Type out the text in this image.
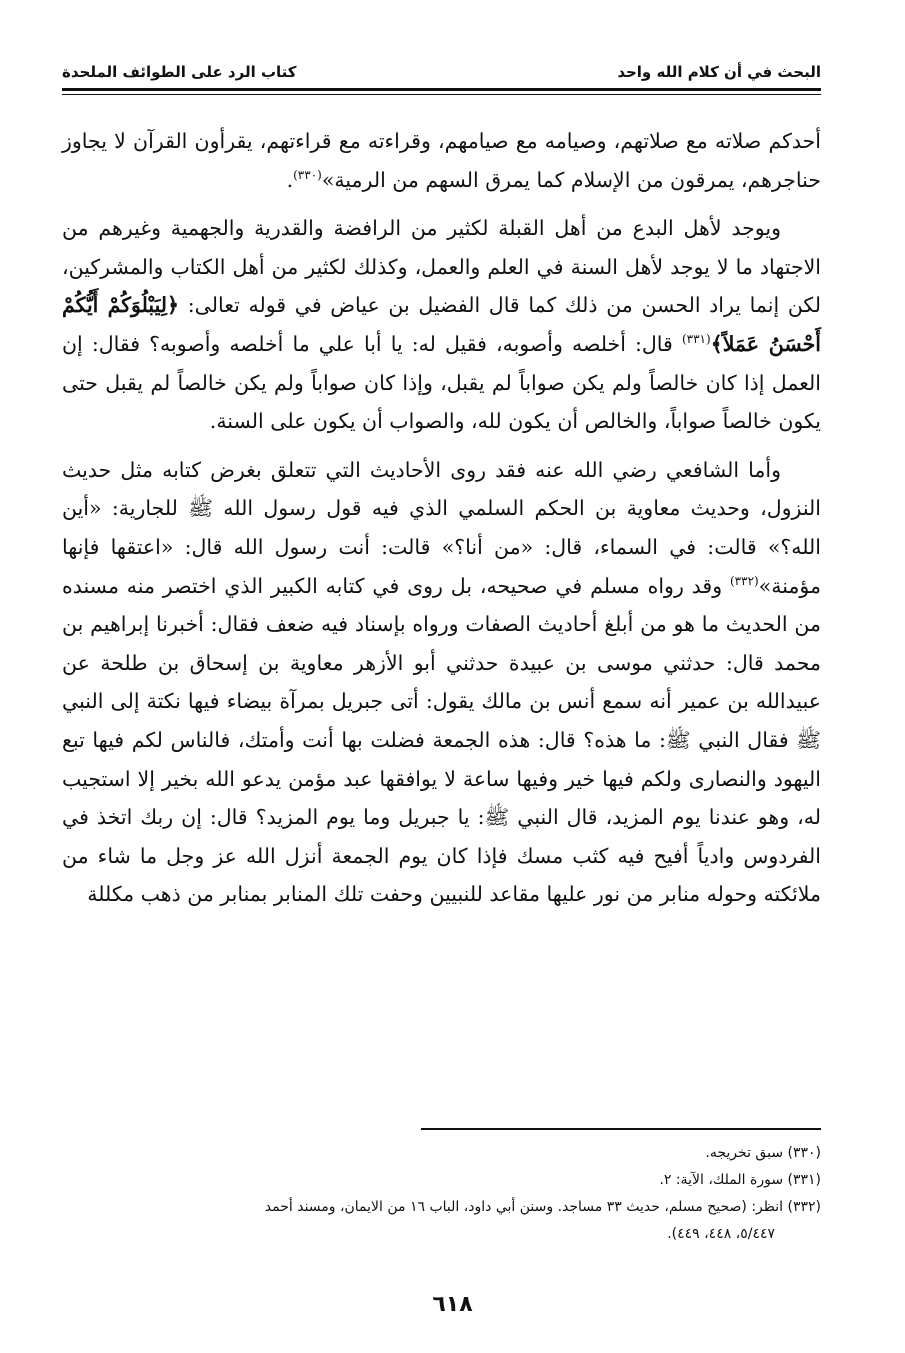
البحث في أن كلام الله واحد
كتاب الرد على الطوائف الملحدة

أحدكم صلاته مع صلاتهم، وصيامه مع صيامهم، وقراءته مع قراءتهم، يقرأون القرآن لا يجاوز حناجرهم، يمرقون من الإسلام كما يمرق السهم من الرمية»$^{(٣٣٠)}$.

ويوجد لأهل البدع من أهل القبلة لكثير من الرافضة والقدرية والجهمية وغيرهم من الاجتهاد ما لا يوجد لأهل السنة في العلم والعمل، وكذلك لكثير من أهل الكتاب والمشركين، لكن إنما يراد الحسن من ذلك كما قال الفضيل بن عياض في قوله تعالى: ﴿لِيَبْلُوَكُمْ أَيُّكُمْ أَحْسَنُ عَمَلاً﴾$^{(٣٣١)}$ قال: أخلصه وأصوبه، فقيل له: يا أبا علي ما أخلصه وأصوبه؟ فقال: إن العمل إذا كان خالصاً ولم يكن صواباً لم يقبل، وإذا كان صواباً ولم يكن خالصاً لم يقبل حتى يكون خالصاً صواباً، والخالص أن يكون لله، والصواب أن يكون على السنة.

وأما الشافعي رضي الله عنه فقد روى الأحاديث التي تتعلق بغرض كتابه مثل حديث النزول، وحديث معاوية بن الحكم السلمي الذي فيه قول رسول الله ﷺ للجارية: «أين الله؟» قالت: في السماء، قال: «من أنا؟» قالت: أنت رسول الله قال: «اعتقها فإنها مؤمنة»$^{(٣٣٢)}$ وقد رواه مسلم في صحيحه، بل روى في كتابه الكبير الذي اختصر منه مسنده من الحديث ما هو من أبلغ أحاديث الصفات ورواه بإسناد فيه ضعف فقال: أخبرنا إبراهيم بن محمد قال: حدثني موسى بن عبيدة حدثني أبو الأزهر معاوية بن إسحاق بن طلحة عن عبيدالله بن عمير أنه سمع أنس بن مالك يقول: أتى جبريل بمرآة بيضاء فيها نكتة إلى النبي ﷺ فقال النبي ﷺ: ما هذه؟ قال: هذه الجمعة فضلت بها أنت وأمتك، فالناس لكم فيها تبع اليهود والنصارى ولكم فيها خير وفيها ساعة لا يوافقها عبد مؤمن يدعو الله بخير إلا استجيب له، وهو عندنا يوم المزيد، قال النبي ﷺ: يا جبريل وما يوم المزيد؟ قال: إن ربك اتخذ في الفردوس وادياً أفيح فيه كثب مسك فإذا كان يوم الجمعة أنزل الله عز وجل ما شاء من ملائكته وحوله منابر من نور عليها مقاعد للنبيين وحفت تلك المنابر بمنابر من ذهب مكللة

(٣٣٠) سبق تخريجه.
(٣٣١) سورة الملك، الآية: ٢.
(٣٣٢) انظر: (صحيح مسلم، حديث ٣٣ مساجد. وسنن أبي داود، الباب ١٦ من الايمان، ومسند أحمد
٥/٤٤٧، ٤٤٨، ٤٤٩).
٦١٨
